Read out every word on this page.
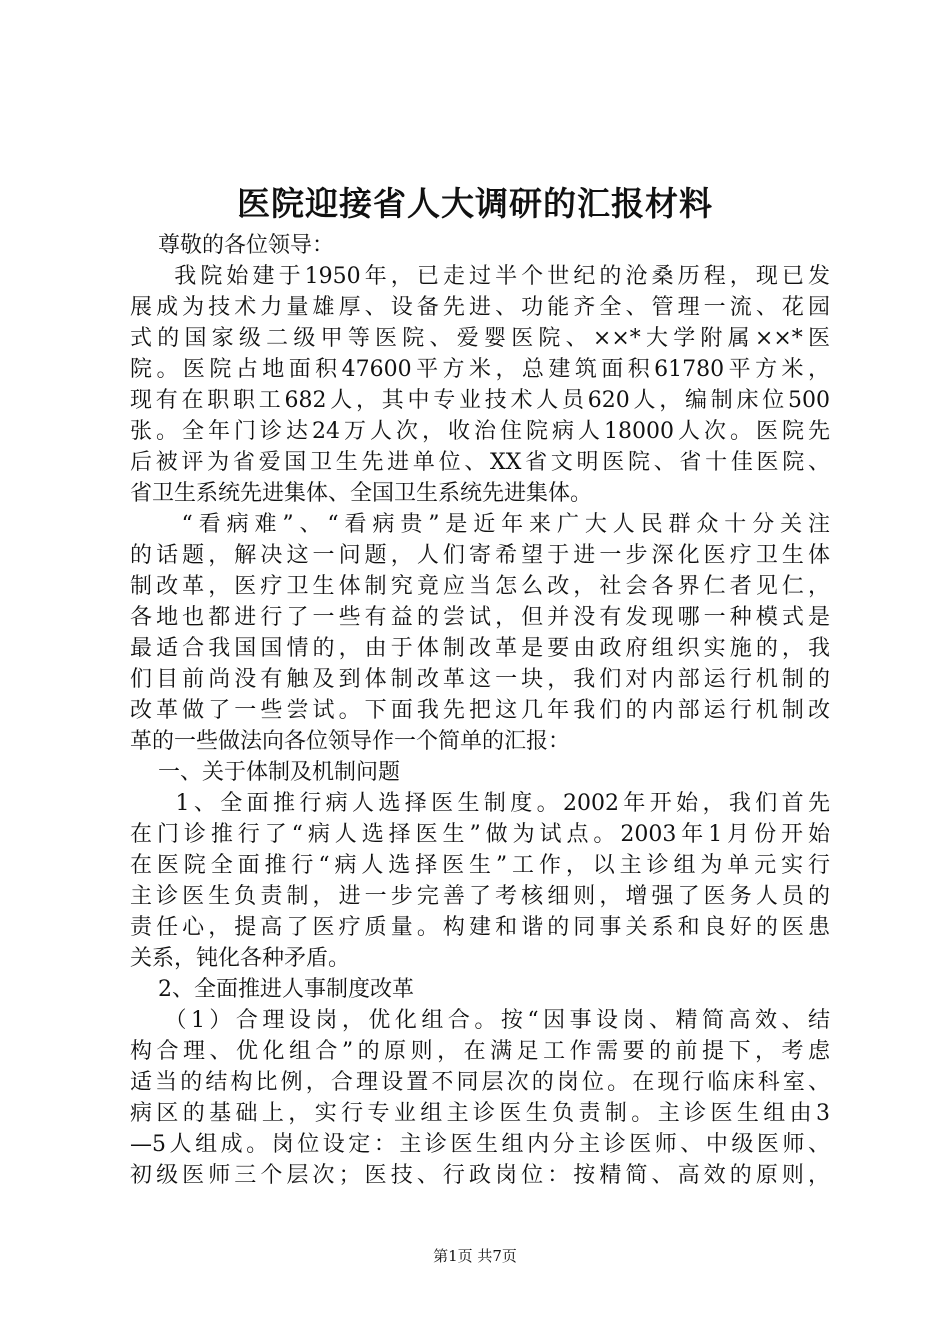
医院迎接省人大调研的汇报材料
尊敬的各位领导：
我院始建于1950年，已走过半个世纪的沧桑历程，现已发
展成为技术力量雄厚、设备先进、功能齐全、管理一流、花园
式的国家级二级甲等医院、爱婴医院、××*大学附属××*医
院。医院占地面积47600平方米，总建筑面积61780平方米，
现有在职职工682人，其中专业技术人员620人，编制床位500
张。全年门诊达24万人次，收治住院病人18000人次。医院先
后被评为省爱国卫生先进单位、XX省文明医院、省十佳医院、
省卫生系统先进集体、全国卫生系统先进集体。
“看病难”、“看病贵”是近年来广大人民群众十分关注
的话题，解决这一问题，人们寄希望于进一步深化医疗卫生体
制改革，医疗卫生体制究竟应当怎么改，社会各界仁者见仁，
各地也都进行了一些有益的尝试，但并没有发现哪一种模式是
最适合我国国情的，由于体制改革是要由政府组织实施的，我
们目前尚没有触及到体制改革这一块，我们对内部运行机制的
改革做了一些尝试。下面我先把这几年我们的内部运行机制改
革的一些做法向各位领导作一个简单的汇报：
一、关于体制及机制问题
1、全面推行病人选择医生制度。2002年开始，我们首先
在门诊推行了“病人选择医生”做为试点。2003年1月份开始
在医院全面推行“病人选择医生”工作，以主诊组为单元实行
主诊医生负责制，进一步完善了考核细则，增强了医务人员的
责任心，提高了医疗质量。构建和谐的同事关系和良好的医患
关系，钝化各种矛盾。
2、全面推进人事制度改革
（1）合理设岗，优化组合。按“因事设岗、精简高效、结
构合理、优化组合”的原则，在满足工作需要的前提下，考虑
适当的结构比例，合理设置不同层次的岗位。在现行临床科室、
病区的基础上，实行专业组主诊医生负责制。主诊医生组由3
—5人组成。岗位设定：主诊医生组内分主诊医师、中级医师、
初级医师三个层次；医技、行政岗位：按精简、高效的原则，
第1页 共7页
